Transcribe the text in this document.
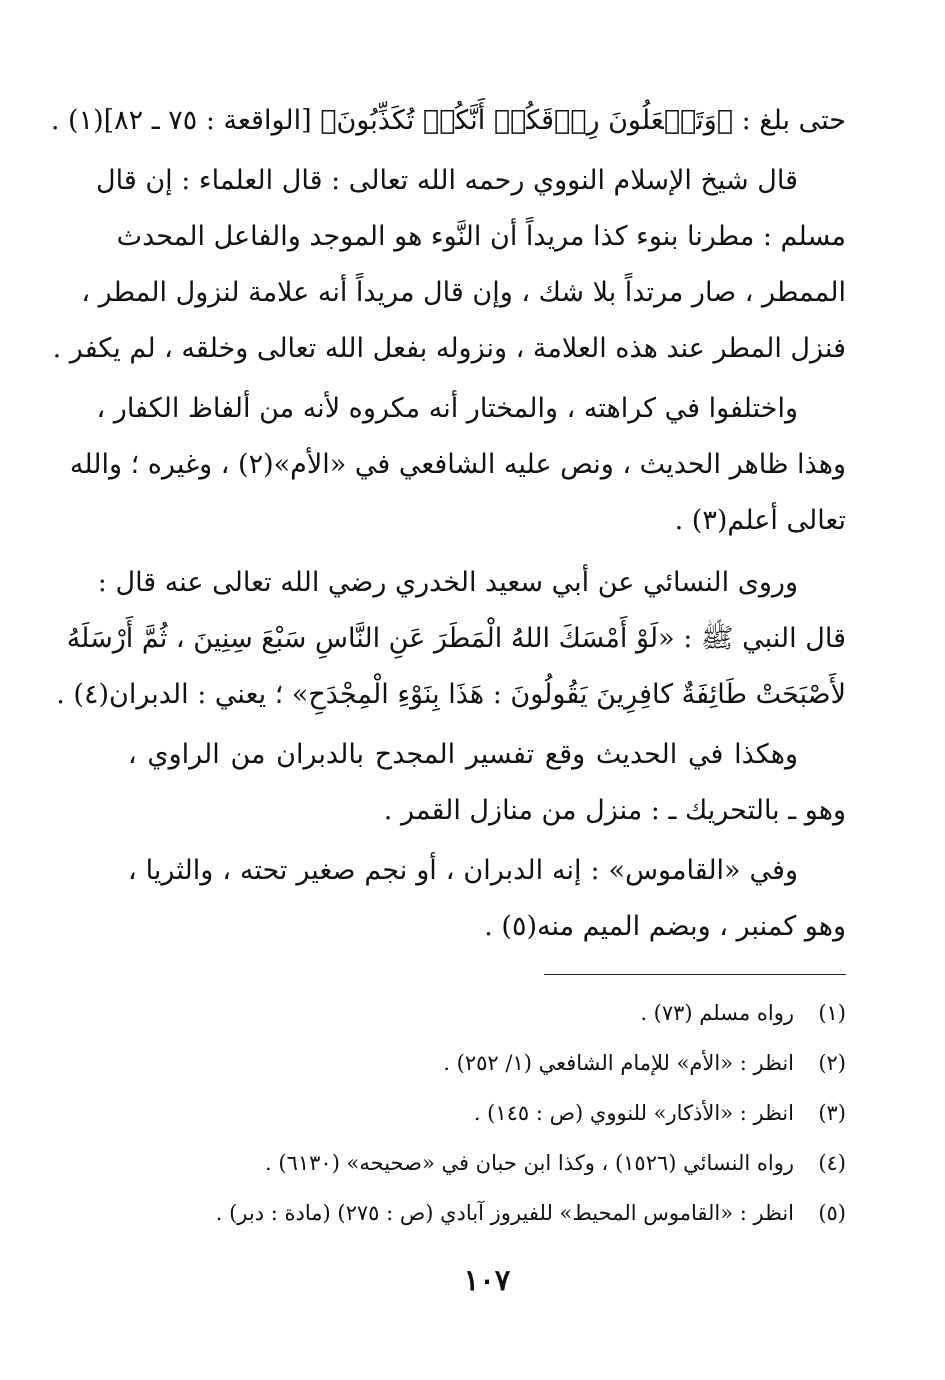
حتى بلغ : ﴿وَتَجۡعَلُونَ رِزۡقَكُمۡ أَنَّكُمۡ تُكَذِّبُونَ﴾ [الواقعة : ٧٥ ـ ٨٢](١) .
قال شيخ الإسلام النووي رحمه الله تعالى : قال العلماء : إن قال
مسلم : مطرنا بنوء كذا مريداً أن النَّوء هو الموجد والفاعل المحدث
الممطر ، صار مرتداً بلا شك ، وإن قال مريداً أنه علامة لنزول المطر ،
فنزل المطر عند هذه العلامة ، ونزوله بفعل الله تعالى وخلقه ، لم يكفر .
واختلفوا في كراهته ، والمختار أنه مكروه لأنه من ألفاظ الكفار ،
وهذا ظاهر الحديث ، ونص عليه الشافعي في «الأم»(٢) ، وغيره ؛ والله
تعالى أعلم(٣) .
وروى النسائي عن أبي سعيد الخدري رضي الله تعالى عنه قال :
قال النبي ﷺ : «لَوْ أَمْسَكَ اللهُ الْمَطَرَ عَنِ النَّاسِ سَبْعَ سِنِينَ ، ثُمَّ أَرْسَلَهُ
لأَصْبَحَتْ طَائِفَةٌ كافِرِينَ يَقُولُونَ : هَذَا بِنَوْءِ الْمِجْدَحِ» ؛ يعني : الدبران(٤) .
وهكذا في الحديث وقع تفسير المجدح بالدبران من الراوي ،
وهو ـ بالتحريك ـ : منزل من منازل القمر .
وفي «القاموس» : إنه الدبران ، أو نجم صغير تحته ، والثريا ،
وهو كمنبر ، وبضم الميم منه(٥) .
(١)
رواه مسلم (٧٣) .
(٢)
انظر : «الأم» للإمام الشافعي (١/ ٢٥٢) .
(٣)
انظر : «الأذكار» للنووي (ص : ١٤٥) .
(٤)
رواه النسائي (١٥٢٦) ، وكذا ابن حبان في «صحيحه» (٦١٣٠) .
(٥)
انظر : «القاموس المحيط» للفيروز آبادي (ص : ٢٧٥) (مادة : دبر) .
١٠٧
